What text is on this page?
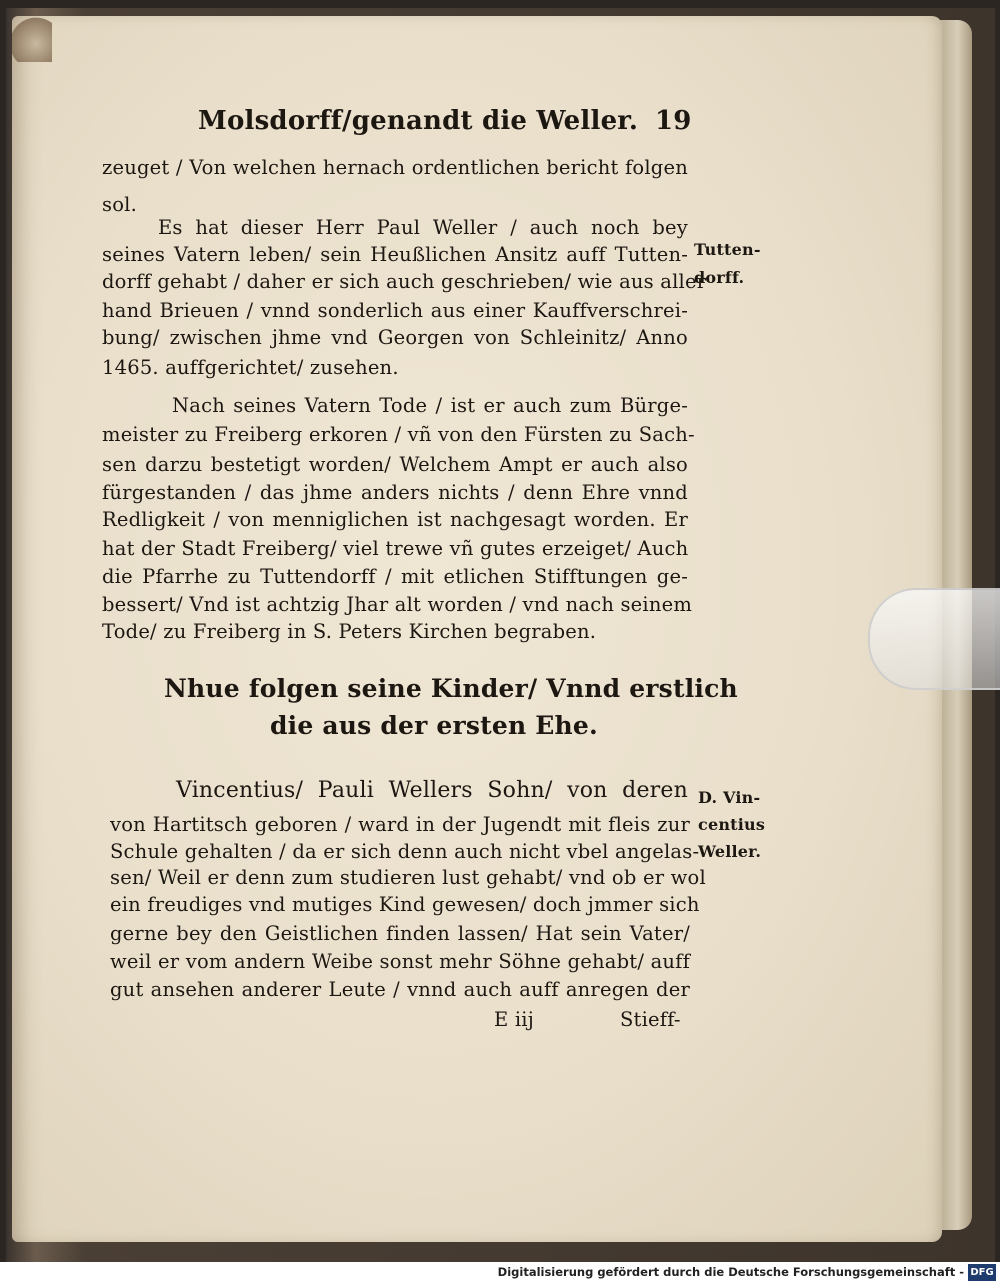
Molsdorff/genandt die Weller. 19

zeuget / Von welchen hernach ordentlichen bericht folgen

sol.

Es hat dieser Herr Paul Weller / auch noch bey

seines Vatern leben/ sein Heußlichen Ansitz auff Tutten-

dorff gehabt / daher er sich auch geschrieben/ wie aus aller

hand Brieuen / vnnd sonderlich aus einer Kauffverschrei-

bung/ zwischen jhme vnd Georgen von Schleinitz/ Anno

1465. auffgerichtet/ zusehen.

Tutten-

dorff.

Nach seines Vatern Tode / ist er auch zum Bürge-

meister zu Freiberg erkoren / vñ von den Fürsten zu Sach-

sen darzu bestetigt worden/ Welchem Ampt er auch also

fürgestanden / das jhme anders nichts / denn Ehre vnnd

Redligkeit / von menniglichen ist nachgesagt worden. Er

hat der Stadt Freiberg/ viel trewe vñ gutes erzeiget/ Auch

die Pfarrhe zu Tuttendorff / mit etlichen Stifftungen ge-

bessert/ Vnd ist achtzig Jhar alt worden / vnd nach seinem

Tode/ zu Freiberg in S. Peters Kirchen begraben.

Nhue folgen seine Kinder/ Vnnd erstlich

die aus der ersten Ehe.

Vincentius/ Pauli Wellers Sohn/ von deren

von Hartitsch geboren / ward in der Jugendt mit fleis zur

Schule gehalten / da er sich denn auch nicht vbel angelas-

sen/ Weil er denn zum studieren lust gehabt/ vnd ob er wol

ein freudiges vnd mutiges Kind gewesen/ doch jmmer sich

gerne bey den Geistlichen finden lassen/ Hat sein Vater/

weil er vom andern Weibe sonst mehr Söhne gehabt/ auff

gut ansehen anderer Leute / vnnd auch auff anregen der

D. Vin-

centius

Weller.

E iij	Stieff-

Digitalisierung gefördert durch die Deutsche Forschungsgemeinschaft - DFG
